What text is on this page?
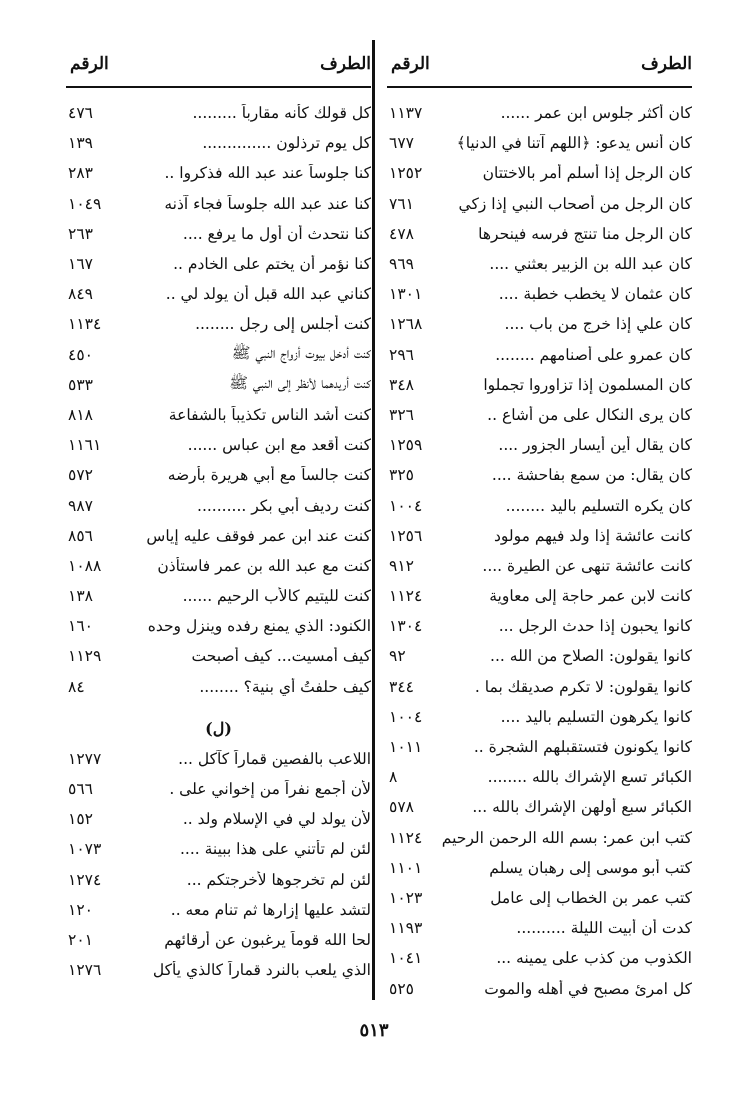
الطرف
الرقم
كان أكثر جلوس ابن عمر ......
١١٣٧
كان أنس يدعو: ﴿اللهم آتنا في الدنيا﴾
٦٧٧
كان الرجل إذا أسلم أمر بالاختتان
١٢٥٢
كان الرجل من أصحاب النبي إذا زكي
٧٦١
كان الرجل منا تنتج فرسه فينحرها
٤٧٨
كان عبد الله بن الزبير بعثني ....
٩٦٩
كان عثمان لا يخطب خطبة ....
١٣٠١
كان علي إذا خرج من باب ....
١٢٦٨
كان عمرو على أصنامهم ........
٢٩٦
كان المسلمون إذا تزاوروا تجملوا
٣٤٨
كان يرى النكال على من أشاع ..
٣٢٦
كان يقال أين أيسار الجزور ....
١٢٥٩
كان يقال: من سمع بفاحشة ....
٣٢٥
كان يكره التسليم باليد ........
١٠٠٤
كانت عائشة إذا ولد فيهم مولود
١٢٥٦
كانت عائشة تنهى عن الطيرة ....
٩١٢
كانت لابن عمر حاجة إلى معاوية
١١٢٤
كانوا يحبون إذا حدث الرجل ...
١٣٠٤
كانوا يقولون: الصلاح من الله ...
٩٢
كانوا يقولون: لا تكرم صديقك بما .
٣٤٤
كانوا يكرهون التسليم باليد ....
١٠٠٤
كانوا يكونون فتستقبلهم الشجرة ..
١٠١١
الكبائر تسع الإشراك بالله ........
٨
الكبائر سبع أولهن الإشراك بالله ...
٥٧٨
كتب ابن عمر: بسم الله الرحمن الرحيم
١١٢٤
كتب أبو موسى إلى رهبان يسلم
١١٠١
كتب عمر بن الخطاب إلى عامل
١٠٢٣
كدت أن أبيت الليلة ..........
١١٩٣
الكذوب من كذب على يمينه ...
١٠٤١
كل امرئ مصبح في أهله والموت
٥٢٥
الطرف
الرقم
كل قولك كأنه مقارباً .........
٤٧٦
كل يوم ترذلون ..............
١٣٩
كنا جلوساً عند عبد الله فذكروا ..
٢٨٣
كنا عند عبد الله جلوساً فجاء آذنه
١٠٤٩
كنا نتحدث أن أول ما يرفع ....
٢٦٣
كنا نؤمر أن يختم على الخادم ..
١٦٧
كناني عبد الله قبل أن يولد لي ..
٨٤٩
كنت أجلس إلى رجل ........
١١٣٤
كنت أدخل بيوت أزواج النبي ﷺ
٤٥٠
كنت أريدهما لأنظر إلى النبي ﷺ
٥٣٣
كنت أشد الناس تكذيباً بالشفاعة
٨١٨
كنت أقعد مع ابن عباس ......
١١٦١
كنت جالساً مع أبي هريرة بأرضه
٥٧٢
كنت رديف أبي بكر ..........
٩٨٧
كنت عند ابن عمر فوقف عليه إياس
٨٥٦
كنت مع عبد الله بن عمر فاستأذن
١٠٨٨
كنت لليتيم كالأب الرحيم ......
١٣٨
الكنود: الذي يمنع رفده وينزل وحده
١٦٠
كيف أمسيت... كيف أصبحت
١١٢٩
كيف حلفتُ أي بنية؟ ........
٨٤
(ل)
اللاعب بالفصين قماراً كآكل ...
١٢٧٧
لأن أجمع نفراً من إخواني على .
٥٦٦
لأن يولد لي في الإسلام ولد ..
١٥٢
لئن لم تأتني على هذا ببينة ....
١٠٧٣
لئن لم تخرجوها لأخرجتكم ...
١٢٧٤
لتشد عليها إزارها ثم تنام معه ..
١٢٠
لحا الله قوماً يرغبون عن أرقائهم
٢٠١
الذي يلعب بالنرد قماراً كالذي يأكل
١٢٧٦
٥١٣
